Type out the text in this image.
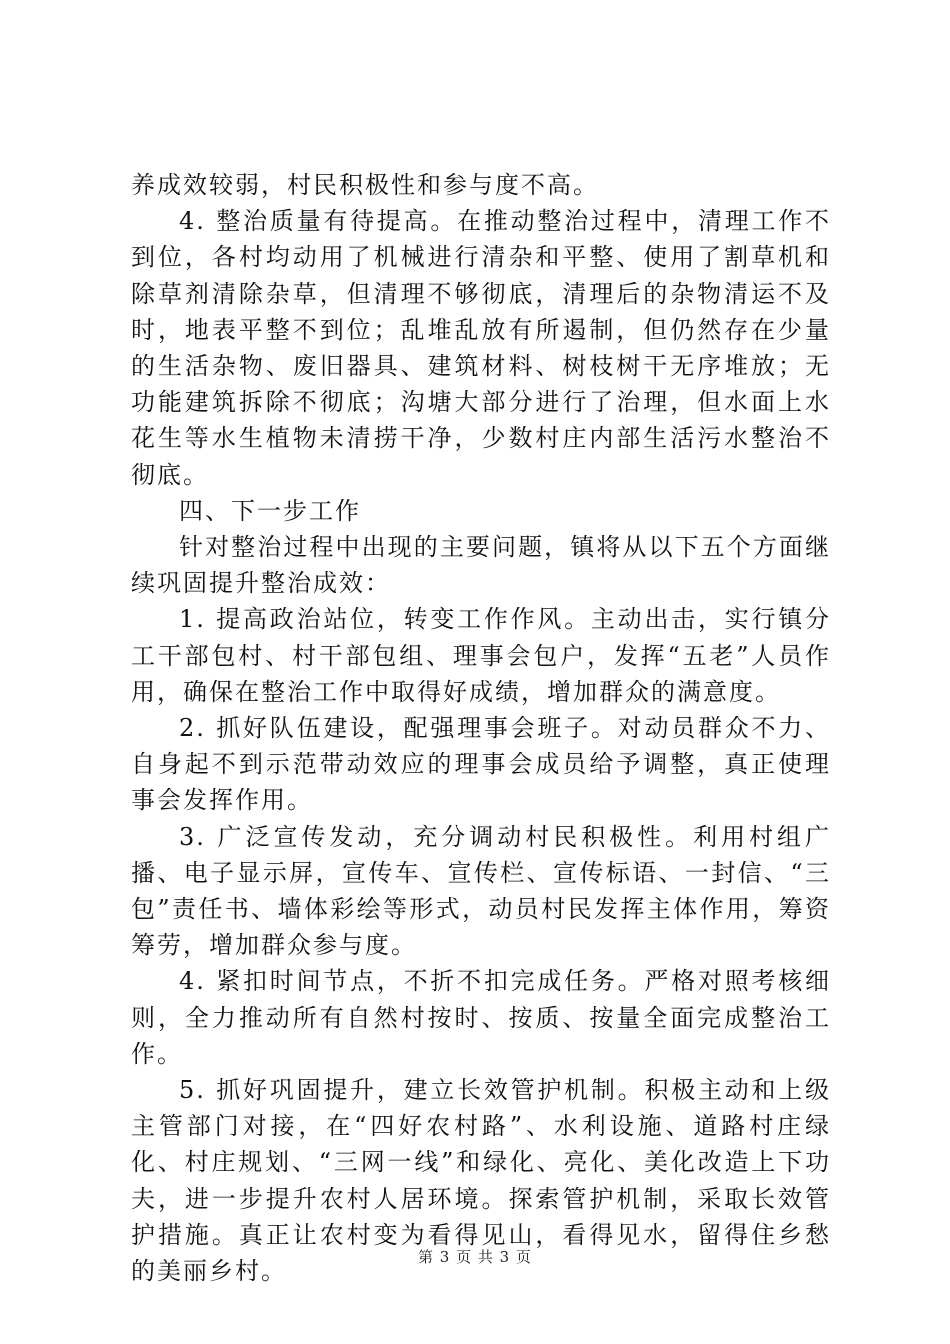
养成效较弱，村民积极性和参与度不高。

4. 整治质量有待提高。在推动整治过程中，清理工作不到位，各村均动用了机械进行清杂和平整、使用了割草机和除草剂清除杂草，但清理不够彻底，清理后的杂物清运不及时，地表平整不到位；乱堆乱放有所遏制，但仍然存在少量的生活杂物、废旧器具、建筑材料、树枝树干无序堆放；无功能建筑拆除不彻底；沟塘大部分进行了治理，但水面上水花生等水生植物未清捞干净，少数村庄内部生活污水整治不彻底。

四、下一步工作

针对整治过程中出现的主要问题，镇将从以下五个方面继续巩固提升整治成效：

1. 提高政治站位，转变工作作风。主动出击，实行镇分工干部包村、村干部包组、理事会包户，发挥“五老”人员作用，确保在整治工作中取得好成绩，增加群众的满意度。

2. 抓好队伍建设，配强理事会班子。对动员群众不力、自身起不到示范带动效应的理事会成员给予调整，真正使理事会发挥作用。

3. 广泛宣传发动，充分调动村民积极性。利用村组广播、电子显示屏，宣传车、宣传栏、宣传标语、一封信、“三包”责任书、墙体彩绘等形式，动员村民发挥主体作用，筹资筹劳，增加群众参与度。

4. 紧扣时间节点，不折不扣完成任务。严格对照考核细则，全力推动所有自然村按时、按质、按量全面完成整治工作。

5. 抓好巩固提升，建立长效管护机制。积极主动和上级主管部门对接，在“四好农村路”、水利设施、道路村庄绿化、村庄规划、“三网一线”和绿化、亮化、美化改造上下功夫，进一步提升农村人居环境。探索管护机制，采取长效管护措施。真正让农村变为看得见山，看得见水，留得住乡愁的美丽乡村。

第 3 页 共 3 页
